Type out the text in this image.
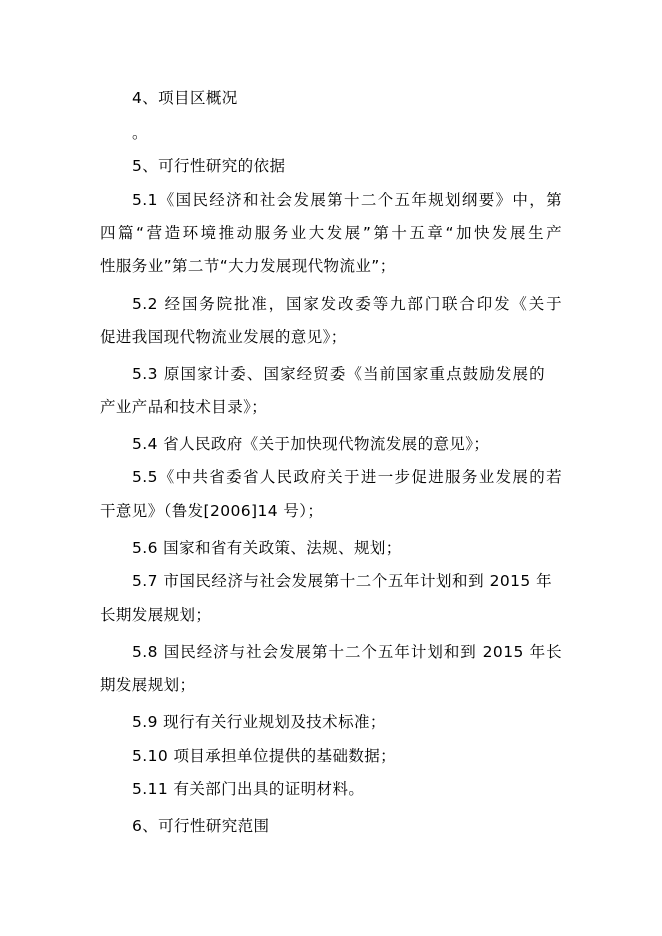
4、项目区概况
。
5、可行性研究的依据
5.1《国民经济和社会发展第十二个五年规划纲要》中，第
四篇“营造环境推动服务业大发展”第十五章“加快发展生产
性服务业”第二节“大力发展现代物流业”；
5.2 经国务院批准，国家发改委等九部门联合印发《关于
促进我国现代物流业发展的意见》；
5.3 原国家计委、国家经贸委《当前国家重点鼓励发展的
产业产品和技术目录》；
5.4 省人民政府《关于加快现代物流发展的意见》；
5.5《中共省委省人民政府关于进一步促进服务业发展的若
干意见》（鲁发[2006]14 号）；
5.6 国家和省有关政策、法规、规划；
5.7 市国民经济与社会发展第十二个五年计划和到 2015 年
长期发展规划；
5.8 国民经济与社会发展第十二个五年计划和到 2015 年长
期发展规划；
5.9 现行有关行业规划及技术标准；
5.10 项目承担单位提供的基础数据；
5.11 有关部门出具的证明材料。
6、可行性研究范围
